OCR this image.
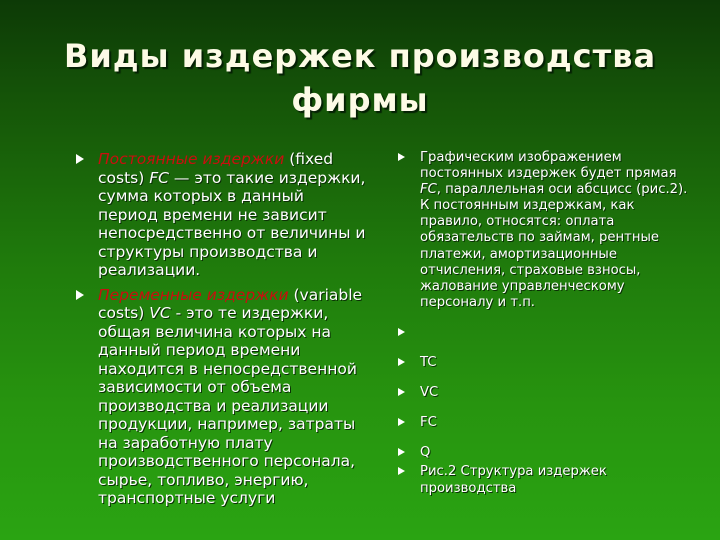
Виды издержек производства фирмы
Постоянные издержки (fixed costs) FC — это такие издержки, сумма которых в данный период времени не зависит непосредственно от величины и структуры производства и реализации.
Переменные издержки (variable costs) VC - это те издержки, общая величина которых на данный период времени находится в непосредственной зависимости от объема производства и реализации продукции, например, затраты на заработную плату производственного персонала, сырье, топливо, энергию, транспортные услуги
Графическим изображением постоянных издержек будет прямая FC, параллельная оси абсцисс (рис.2). К постоянным издержкам, как правило, относятся: оплата обязательств по займам, рентные платежи, амортизационные отчисления, страховые взносы, жалование управленческому персоналу и т.п.

TC
VC
FC
Q
Рис.2 Структура издержек производства
